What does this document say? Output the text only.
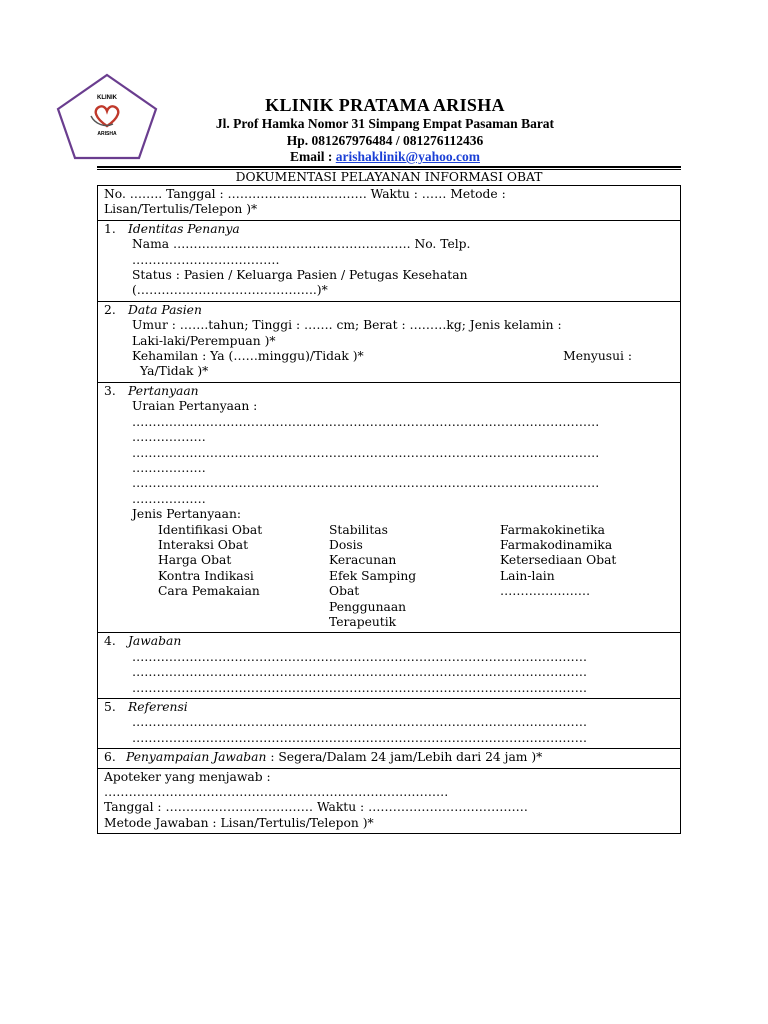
KLINIK
ARISHA
KLINIK PRATAMA ARISHA
Jl. Prof Hamka Nomor 31 Simpang Empat Pasaman Barat
Hp. 081267976484 / 081276112436
Email : arishaklinik@yahoo.com
DOKUMENTASI PELAYANAN INFORMASI OBAT
No. …….. Tanggal : ……………………………. Waktu : …… Metode :
Lisan/Tertulis/Telepon )*
1. Identitas Penanya
Nama …………………………………………………. No. Telp.
………………………………
Status : Pasien / Keluarga Pasien / Petugas Kesehatan
(……………………………………..)*
2. Data Pasien
Umur : …….tahun; Tinggi : ……. cm; Berat : ………kg; Jenis kelamin :
Laki-laki/Perempuan )*
Kehamilan : Ya (……minggu)/Tidak )*	Menyusui :
Ya/Tidak )*
3. Pertanyaan
Uraian Pertanyaan :
……………………………………………………………………………………………………
………………
……………………………………………………………………………………………………
………………
……………………………………………………………………………………………………
………………
Jenis Pertanyaan:
Identifikasi Obat
Interaksi Obat
Harga Obat
Kontra Indikasi
Cara Pemakaian
Stabilitas
Dosis
Keracunan
Efek Samping
Obat
Penggunaan
Terapeutik
Farmakokinetika
Farmakodinamika
Ketersediaan Obat
Lain-lain
………………….
4. Jawaban
…………………………………………………………………………………………………
…………………………………………………………………………………………………
…………………………………………………………………………………………………
5. Referensi
…………………………………………………………………………………………………
…………………………………………………………………………………………………
6. Penyampaian Jawaban : Segera/Dalam 24 jam/Lebih dari 24 jam )*
Apoteker yang menjawab :
…………………………………………………………………………
Tanggal : ……………………………… Waktu : …………………………………
Metode Jawaban : Lisan/Tertulis/Telepon )*
